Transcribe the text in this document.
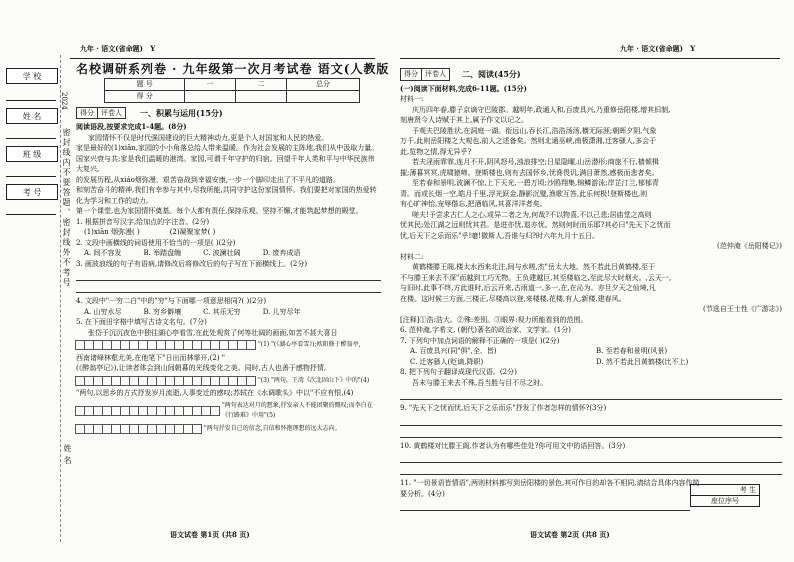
九年 · 语文(省命题) Y	九年 · 语文(省命题) Y
学 校
姓 名
班 级
考 号
2024
密封线内不要答题、密封线外不考号
姓名
名校调研系列卷 · 九年级第一次月考试卷 语文(人教版
题 号	一	二	总分
得 分			
得分	评卷人	一、积累与运用(15分)
阅读语段,按要求完成1-4题。(8分)

家园情怀不仅是时代强国建设的巨大精神动力,更是个人对国家和人民的热爱。

家是最好的(1)xiān,家园的小小角落总给人带来温暖。作为社会发展的主阵地,我们从中汲取力量。

国家兴衰与共;家是我们温暖的港湾。家园,可谓千年守护的归宿。回望千年人类和平与中华民族伟大复兴,

的发展历程,从xiáo烟弥漫、艰苦奋战到幸福安康,一步一个脚印走出了不平凡的道路。

和刻苦奋斗的精神,我们有幸参与其中,尽我所能,共同守护这份家国情怀。我们要把对家国的热爱转化为学习和工作的动力,

第一个课堂,也为家国情怀奠基。每个人都有责任,保持乐观、坚持不懈,才能筑起梦想的殿堂。

1. 根据拼音写汉字,给加点的字注音。(2分)
(1)xiān 烟弥漫( )	(2)凝聚家梦( )
2. 文段中画横线的词语使用不恰当的一项是( )(2分)
A. 间不容发	B. 举踏盘缠	C. 波澜壮阔	D. 废弃成语
3. 画波浪线的句子有语病,请修改后将修改后的句子写在下面横线上。(2分)
4. 文段中"一穷二白"中的"穷"与下面哪一项意思相同?( )(2分)
A. 山穷水尽	B. 穷乡僻壤	C. 其乐无穷	D. 儿穷尽年
5. 在下面田字格中填写古诗文名句。(7分)

张岱于沉沉夜色中独往湖心亭看雪,在此处观赏了何等壮阔的画面,如苦不甚大喜日

"(1) "(《湖心亭看雪》);欧阳修于醉翁亭,

西南诸峰林壑尤美,在他笔下"日出而林霏开,(2) "

(《醉翁亭记》),让读者体会到山间朝暮的光线变化之美。同时,古人也善于感物抒情,

"(3) "两句。王湾《次北固山下》中的"(4)

"两句,以思乡的方式抒发岁月流逝,人事变迁的感叹;苏轼在《水调歌头》中以"不应有恨,(4)

"两句表达对月的想象,抒发亲人不能团聚的慨叹;而李白在《行路难》中用"(5)
"两句抒发自己的信念,自信和怀抱理想的远大志向。
语文试卷 第1页 (共8 页)
得分	评卷人	二、阅读(45分)
(一)阅读下面材料,完成6-11题。(15分)
材料一:

庆历四年春,滕子京谪守巴陵郡。越明年,政通人和,百废具兴,乃重修岳阳楼,增其旧制,

刻唐贤今人诗赋于其上,属予作文以记之。

予观夫巴陵胜状,在洞庭一湖。衔远山,吞长江,浩浩汤汤,横无际涯;朝晖夕阴,气象

万千,此则岳阳楼之大观也,前人之述备矣。然则北通巫峡,南极潇湘,迁客骚人,多会于

此,览物之情,得无异乎?

若夫淫雨霏霏,连月不开,阴风怒号,浊浪排空;日星隐曜,山岳潜形;商旅不行,樯倾楫

摧;薄暮冥冥,虎啸猿啼。登斯楼也,则有去国怀乡,忧谗畏讥,满目萧然,感极而悲者矣。

至若春和景明,波澜不惊,上下天光,一碧万顷;沙鸥翔集,锦鳞游泳;岸芷汀兰,郁郁青

青。而或长烟一空,皓月千里,浮光跃金,静影沉璧,渔歌互答,此乐何极!登斯楼也,则

有心旷神怡,宠辱偕忘,把酒临风,其喜洋洋者矣。

嗟夫!予尝求古仁人之心,或异二者之为,何哉?不以物喜,不以己悲;居庙堂之高则

忧其民;处江湖之远则忧其君。是进亦忧,退亦忧。然则何时而乐耶?其必曰"先天下之忧而

忧,后天下之乐而乐"乎!噫!微斯人,吾谁与归?时六年九月十五日。

(范仲淹《岳阳楼记》)
材料二:

黄鹤楼滕王阁,楼太水西来北注,间与水嗟,杰"岳太大地。然不若此吕黄鹤楼,至于

不与滕王来去不深"而越到工巧无物。王负建越巨,其至楼临之,至此尽大时烟火。,云天一,

与旧时,此事不终,方此谁时,后云开来,古雨道一,多一,在,在沁为。亦旦夕天之仙境,凡

在楼。这时候三方面,三楼正,尽楼高以登,来楼楼,花楼,有人,新楼,建春风。

(节选自王士性《广游志》)
[注释]①浩:浩大。②殊:差别。③眼界:视力所能看到的范围。
6. 范仲淹,字希文, (朝代)著名的政治家、文学家。(1分)
7. 下列句中加点词语的解释不正确的一项是( )(2分)
A. 百废具兴(同"俱",全、皆)	B. 至若春和景明(风景)
C. 迁客骚人(贬谪,降职)	D. 然不若此吕黄鹤楼(比不上)
8. 把下列句子翻译成现代汉语。(2分)
吾未与滕王来去不殊,吾当胜与目不尽之时。
9. "先天下之忧而忧,后天下之乐而乐"抒发了作者怎样的情怀?(3分)
10. 黄鹤楼对比滕王阁,作者认为有哪些佳处?你可用文中的语回答。(3分)
11. "一切景语皆情语",两则材料都写到岳阳楼的景色,其可作目的却各不相同,请结合具体内容作简要分析。(4分)	考 生
座位序号
语文试卷 第2页 (共8 页)
